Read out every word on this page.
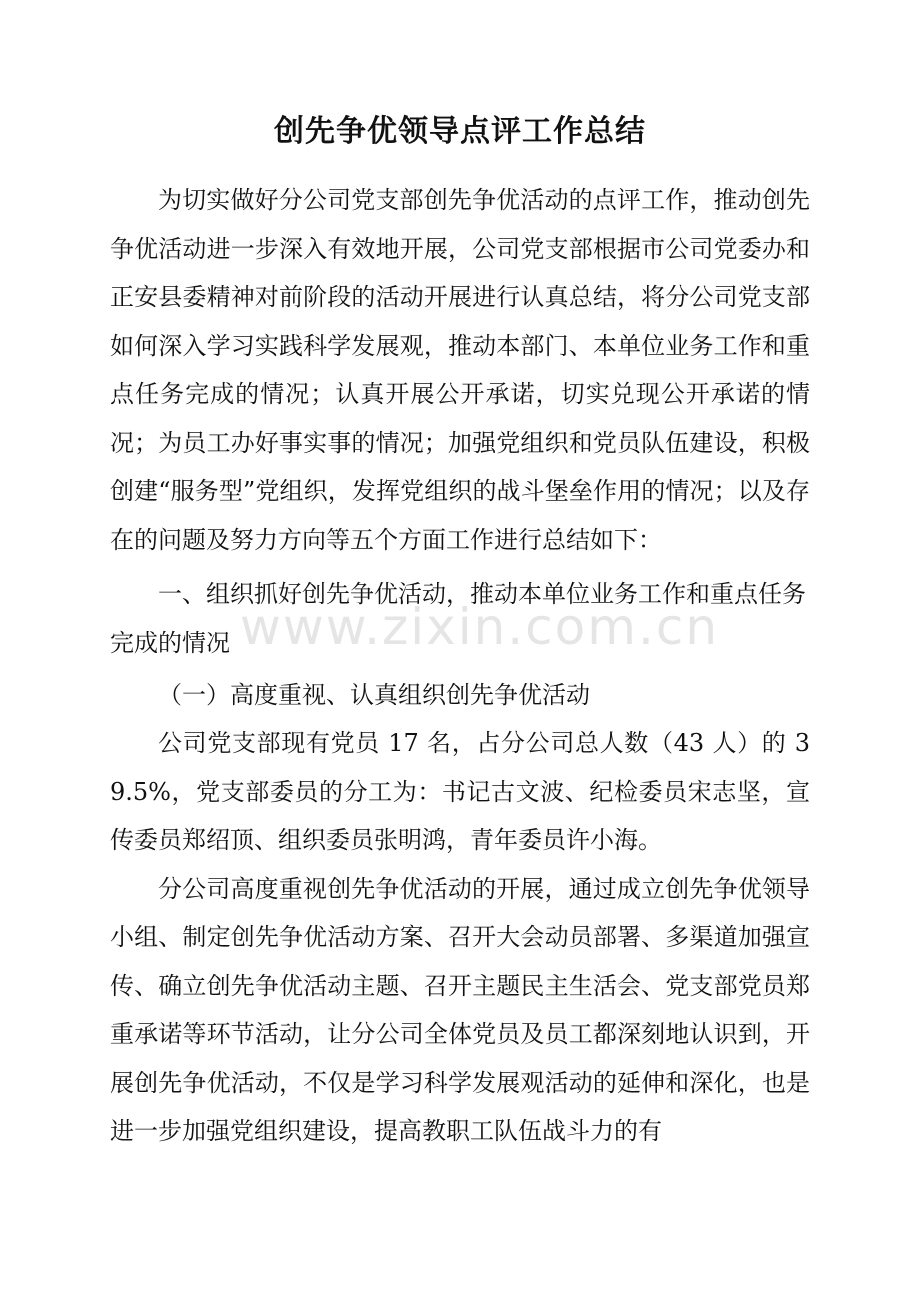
www.zixin.com.cn
创先争优领导点评工作总结

为切实做好分公司党支部创先争优活动的点评工作，推动创先争优活动进一步深入有效地开展，公司党支部根据市公司党委办和正安县委精神对前阶段的活动开展进行认真总结，将分公司党支部如何深入学习实践科学发展观，推动本部门、本单位业务工作和重点任务完成的情况；认真开展公开承诺，切实兑现公开承诺的情况；为员工办好事实事的情况；加强党组织和党员队伍建设，积极创建“服务型”党组织，发挥党组织的战斗堡垒作用的情况；以及存在的问题及努力方向等五个方面工作进行总结如下：

一、组织抓好创先争优活动，推动本单位业务工作和重点任务完成的情况

（一）高度重视、认真组织创先争优活动

公司党支部现有党员 17 名，占分公司总人数（43 人）的 39.5%，党支部委员的分工为：书记古文波、纪检委员宋志坚，宣传委员郑绍顶、组织委员张明鸿，青年委员许小海。

分公司高度重视创先争优活动的开展，通过成立创先争优领导小组、制定创先争优活动方案、召开大会动员部署、多渠道加强宣传、确立创先争优活动主题、召开主题民主生活会、党支部党员郑重承诺等环节活动，让分公司全体党员及员工都深刻地认识到，开展创先争优活动，不仅是学习科学发展观活动的延伸和深化，也是进一步加强党组织建设，提高教职工队伍战斗力的有
